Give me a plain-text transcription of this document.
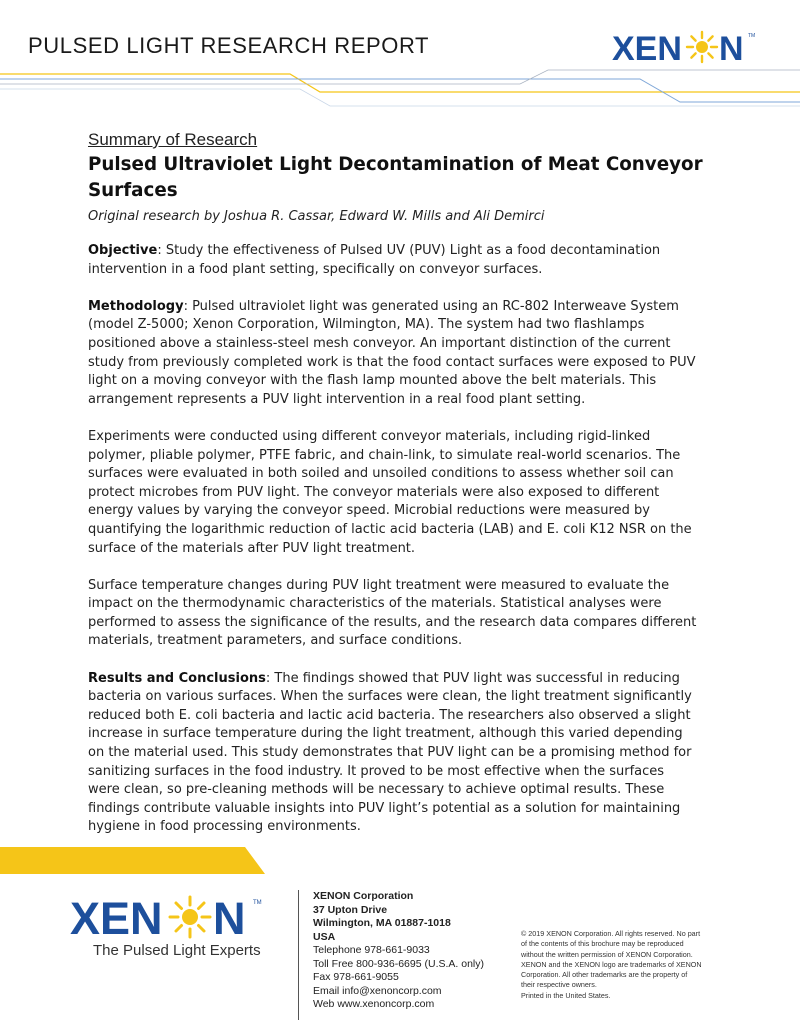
PULSED LIGHT RESEARCH REPORT	XEN N TM

Summary of Research

Pulsed Ultraviolet Light Decontamination of Meat Conveyor
Surfaces

Original research by Joshua R. Cassar, Edward W. Mills and Ali Demirci

Objective: Study the effectiveness of Pulsed UV (PUV) Light as a food decontamination
intervention in a food plant setting, specifically on conveyor surfaces.

Methodology: Pulsed ultraviolet light was generated using an RC-802 Interweave System
(model Z-5000; Xenon Corporation, Wilmington, MA). The system had two flashlamps
positioned above a stainless-steel mesh conveyor. An important distinction of the current
study from previously completed work is that the food contact surfaces were exposed to PUV
light on a moving conveyor with the flash lamp mounted above the belt materials. This
arrangement represents a PUV light intervention in a real food plant setting.

Experiments were conducted using different conveyor materials, including rigid-linked
polymer, pliable polymer, PTFE fabric, and chain-link, to simulate real-world scenarios. The
surfaces were evaluated in both soiled and unsoiled conditions to assess whether soil can
protect microbes from PUV light. The conveyor materials were also exposed to different
energy values by varying the conveyor speed. Microbial reductions were measured by
quantifying the logarithmic reduction of lactic acid bacteria (LAB) and E. coli K12 NSR on the
surface of the materials after PUV light treatment.

Surface temperature changes during PUV light treatment were measured to evaluate the
impact on the thermodynamic characteristics of the materials. Statistical analyses were
performed to assess the significance of the results, and the research data compares different
materials, treatment parameters, and surface conditions.

Results and Conclusions: The findings showed that PUV light was successful in reducing
bacteria on various surfaces. When the surfaces were clean, the light treatment significantly
reduced both E. coli bacteria and lactic acid bacteria. The researchers also observed a slight
increase in surface temperature during the light treatment, although this varied depending
on the material used. This study demonstrates that PUV light can be a promising method for
sanitizing surfaces in the food industry. It proved to be most effective when the surfaces
were clean, so pre-cleaning methods will be necessary to achieve optimal results. These
findings contribute valuable insights into PUV light’s potential as a solution for maintaining
hygiene in food processing environments.

XEN N TM
The Pulsed Light Experts
XENON Corporation
37 Upton Drive
Wilmington, MA 01887-1018
USA
Telephone 978-661-9033
Toll Free 800-936-6695 (U.S.A. only)
Fax 978-661-9055
Email info@xenoncorp.com
Web www.xenoncorp.com
© 2019 XENON Corporation. All rights reserved. No part
of the contents of this brochure may be reproduced
without the written permission of XENON Corporation.
XENON and the XENON logo are trademarks of XENON
Corporation. All other trademarks are the property of
their respective owners.
Printed in the United States.
